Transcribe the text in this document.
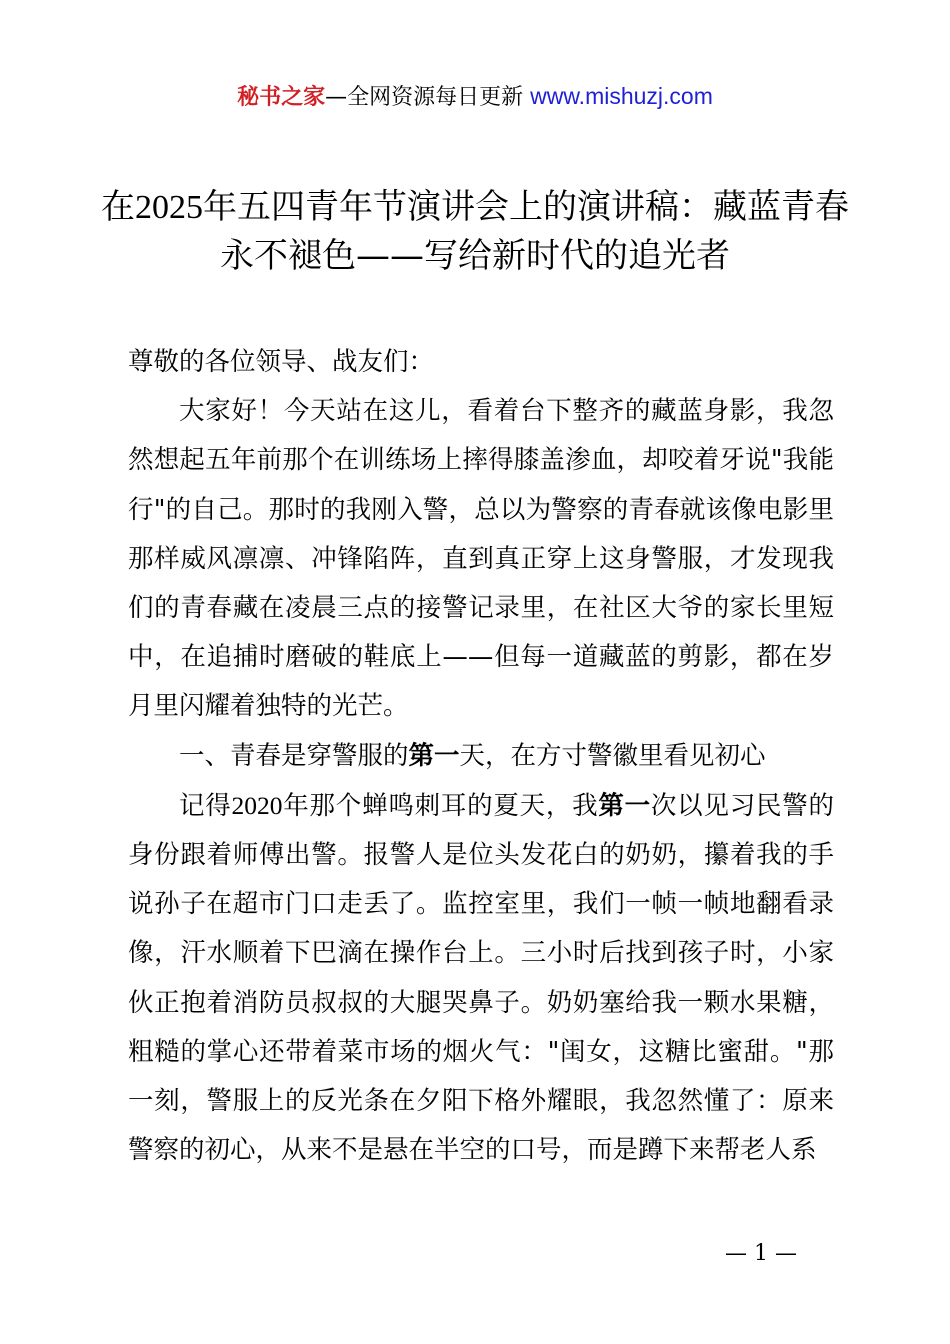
秘书之家—全网资源每日更新 www.mishuzj.com
在2025年五四青年节演讲会上的演讲稿：藏蓝青春永不褪色——写给新时代的追光者

尊敬的各位领导、战友们：

大家好！今天站在这儿，看着台下整齐的藏蓝身影，我忽然想起五年前那个在训练场上摔得膝盖渗血，却咬着牙说"我能行"的自己。那时的我刚入警，总以为警察的青春就该像电影里那样威风凛凛、冲锋陷阵，直到真正穿上这身警服，才发现我们的青春藏在凌晨三点的接警记录里，在社区大爷的家长里短中，在追捕时磨破的鞋底上——但每一道藏蓝的剪影，都在岁月里闪耀着独特的光芒。

一、青春是穿警服的第一天，在方寸警徽里看见初心

记得2020年那个蝉鸣刺耳的夏天，我第一次以见习民警的身份跟着师傅出警。报警人是位头发花白的奶奶，攥着我的手说孙子在超市门口走丢了。监控室里，我们一帧一帧地翻看录像，汗水顺着下巴滴在操作台上。三小时后找到孩子时，小家伙正抱着消防员叔叔的大腿哭鼻子。奶奶塞给我一颗水果糖，粗糙的掌心还带着菜市场的烟火气："闺女，这糖比蜜甜。"那一刻，警服上的反光条在夕阳下格外耀眼，我忽然懂了：原来警察的初心，从来不是悬在半空的口号，而是蹲下来帮老人系

— 1 —
